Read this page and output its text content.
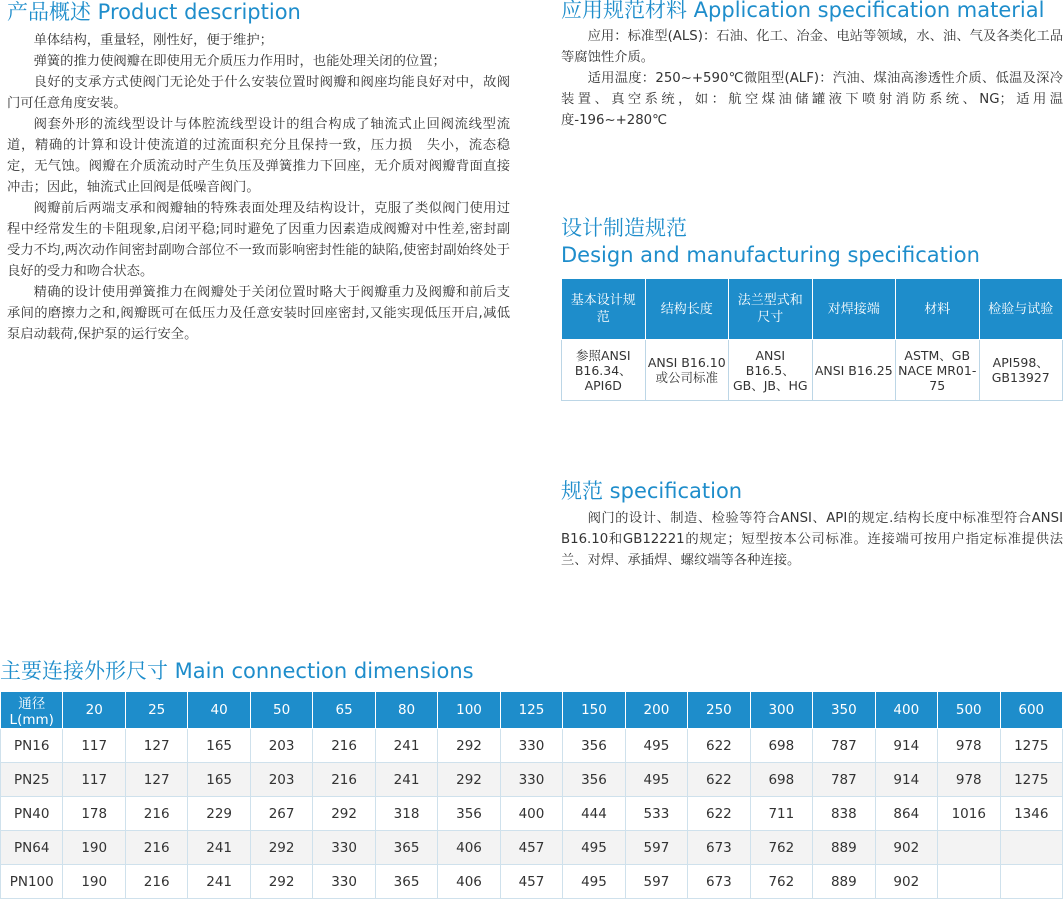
产品概述 Product description

单体结构，重量轻，刚性好，便于维护；

弹簧的推力使阀瓣在即使用无介质压力作用时，也能处理关闭的位置；

良好的支承方式使阀门无论处于什么安装位置时阀瓣和阀座均能良好对中，故阀门可任意角度安装。

阀套外形的流线型设计与体腔流线型设计的组合构成了轴流式止回阀流线型流道，精确的计算和设计使流道的过流面积充分且保持一致，压力损　失小，流态稳定，无气蚀。阀瓣在介质流动时产生负压及弹簧推力下回座，无介质对阀瓣背面直接冲击；因此，轴流式止回阀是低噪音阀门。

阀瓣前后两端支承和阀瓣轴的特殊表面处理及结构设计，克服了类似阀门使用过程中经常发生的卡阻现象,启闭平稳;同时避免了因重力因素造成阀瓣对中性差,密封副受力不均,两次动作间密封副吻合部位不一致而影响密封性能的缺陷,使密封副始终处于良好的受力和吻合状态。

精确的设计使用弹簧推力在阀瓣处于关闭位置时略大于阀瓣重力及阀瓣和前后支承间的磨擦力之和,阀瓣既可在低压力及任意安装时回座密封,又能实现低压开启,减低泵启动载荷,保护泵的运行安全。

应用规范材料 Application specification material

应用：标准型(ALS)：石油、化工、冶金、电站等领域，水、油、气及各类化工品等腐蚀性介质。

适用温度：250~+590℃微阻型(ALF)：汽油、煤油高渗透性介质、低温及深冷装置、真空系统，如：航空煤油储罐液下喷射消防系统、NG；适用温度-196~+280℃

设计制造规范
Design and manufacturing specification
基本设计规范	结构长度	法兰型式和尺寸	对焊接端	材料	检验与试验
参照ANSI B16.34、API6D	ANSI B16.10或公司标准	ANSI B16.5、GB、JB、HG	ANSI B16.25	ASTM、GB NACE MR01-75	API598、GB13927
规范 specification

阀门的设计、制造、检验等符合ANSI、API的规定.结构长度中标准型符合ANSI B16.10和GB12221的规定；短型按本公司标准。连接端可按用户指定标准提供法兰、对焊、承插焊、螺纹端等各种连接。

主要连接外形尺寸 Main connection dimensions
通径L(mm)	20	25	40	50	65	80	100	125	150	200	250	300	350	400	500	600
PN16	117	127	165	203	216	241	292	330	356	495	622	698	787	914	978	1275
PN25	117	127	165	203	216	241	292	330	356	495	622	698	787	914	978	1275
PN40	178	216	229	267	292	318	356	400	444	533	622	711	838	864	1016	1346
PN64	190	216	241	292	330	365	406	457	495	597	673	762	889	902		
PN100	190	216	241	292	330	365	406	457	495	597	673	762	889	902		
